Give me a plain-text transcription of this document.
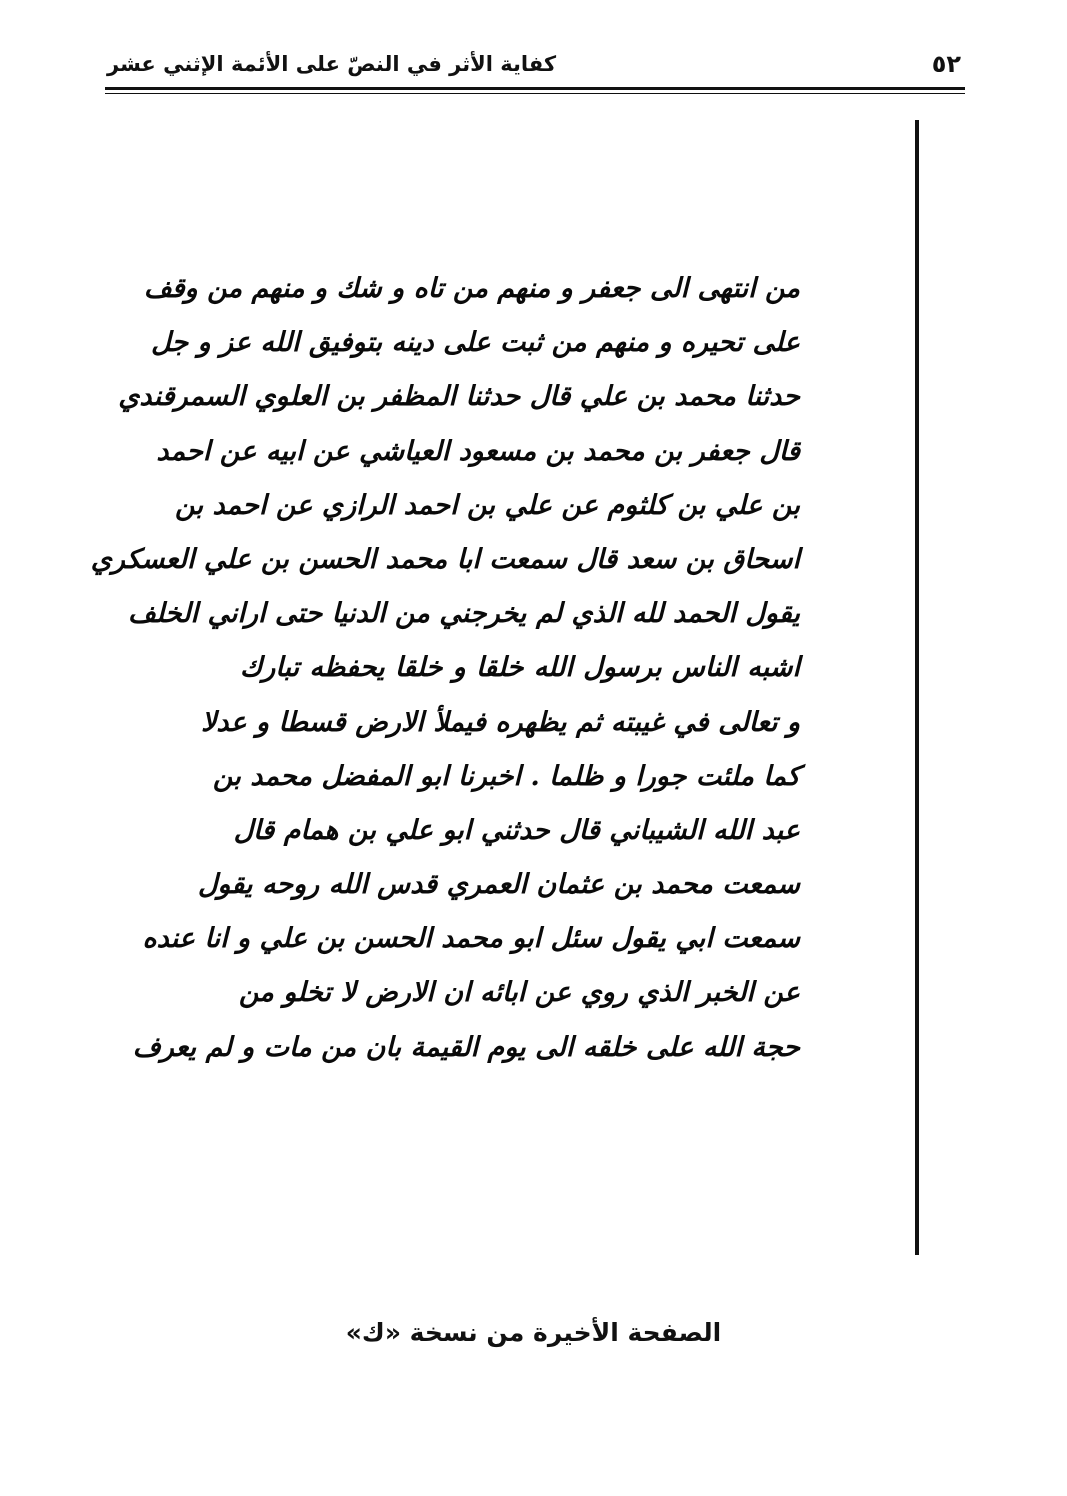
كفاية الأثر في النصّ على الأئمة الإثني عشر	٥٢
من انتهى الى جعفر و منهم من تاه و شك و منهم من وقف
على تحيره و منهم من ثبت على دينه بتوفيق الله عز و جل
حدثنا محمد بن علي قال حدثنا المظفر بن العلوي السمرقندي
قال جعفر بن محمد بن مسعود العياشي عن ابيه عن احمد
بن علي بن كلثوم عن علي بن احمد الرازي عن احمد بن
اسحاق بن سعد قال سمعت ابا محمد الحسن بن علي العسكري
يقول الحمد لله الذي لم يخرجني من الدنيا حتى اراني الخلف
اشبه الناس برسول الله خلقا و خلقا يحفظه تبارك
و تعالى في غيبته ثم يظهره فيملأ الارض قسطا و عدلا
كما ملئت جورا و ظلما . اخبرنا ابو المفضل محمد بن
عبد الله الشيباني قال حدثني ابو علي بن همام قال
سمعت محمد بن عثمان العمري قدس الله روحه يقول
سمعت ابي يقول سئل ابو محمد الحسن بن علي و انا عنده
عن الخبر الذي روي عن ابائه ان الارض لا تخلو من
حجة الله على خلقه الى يوم القيمة بان من مات و لم يعرف
الصفحة الأخيرة من نسخة «ك»
